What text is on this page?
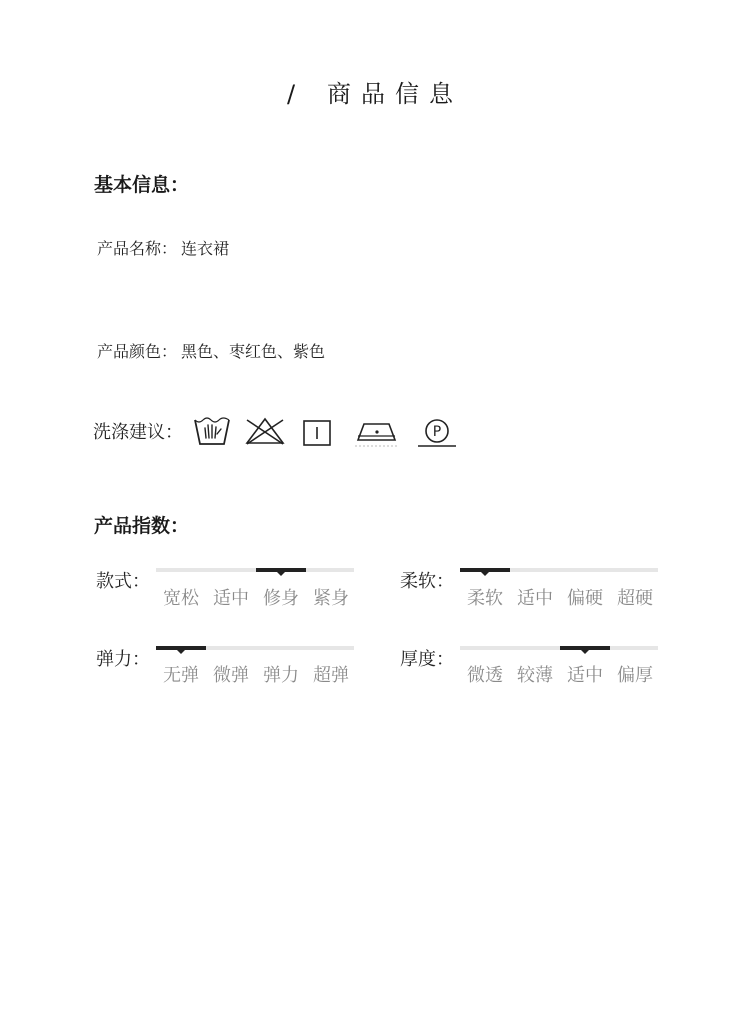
/ 商品信息
基本信息：
产品名称： 连衣裙
产品颜色： 黑色、枣红色、紫色
洗涤建议：	P
产品指数：
款式：
宽松 适中 修身 紧身
柔软：
柔软 适中 偏硬 超硬
弹力：
无弹 微弹 弹力 超弹
厚度：
微透 较薄 适中 偏厚
